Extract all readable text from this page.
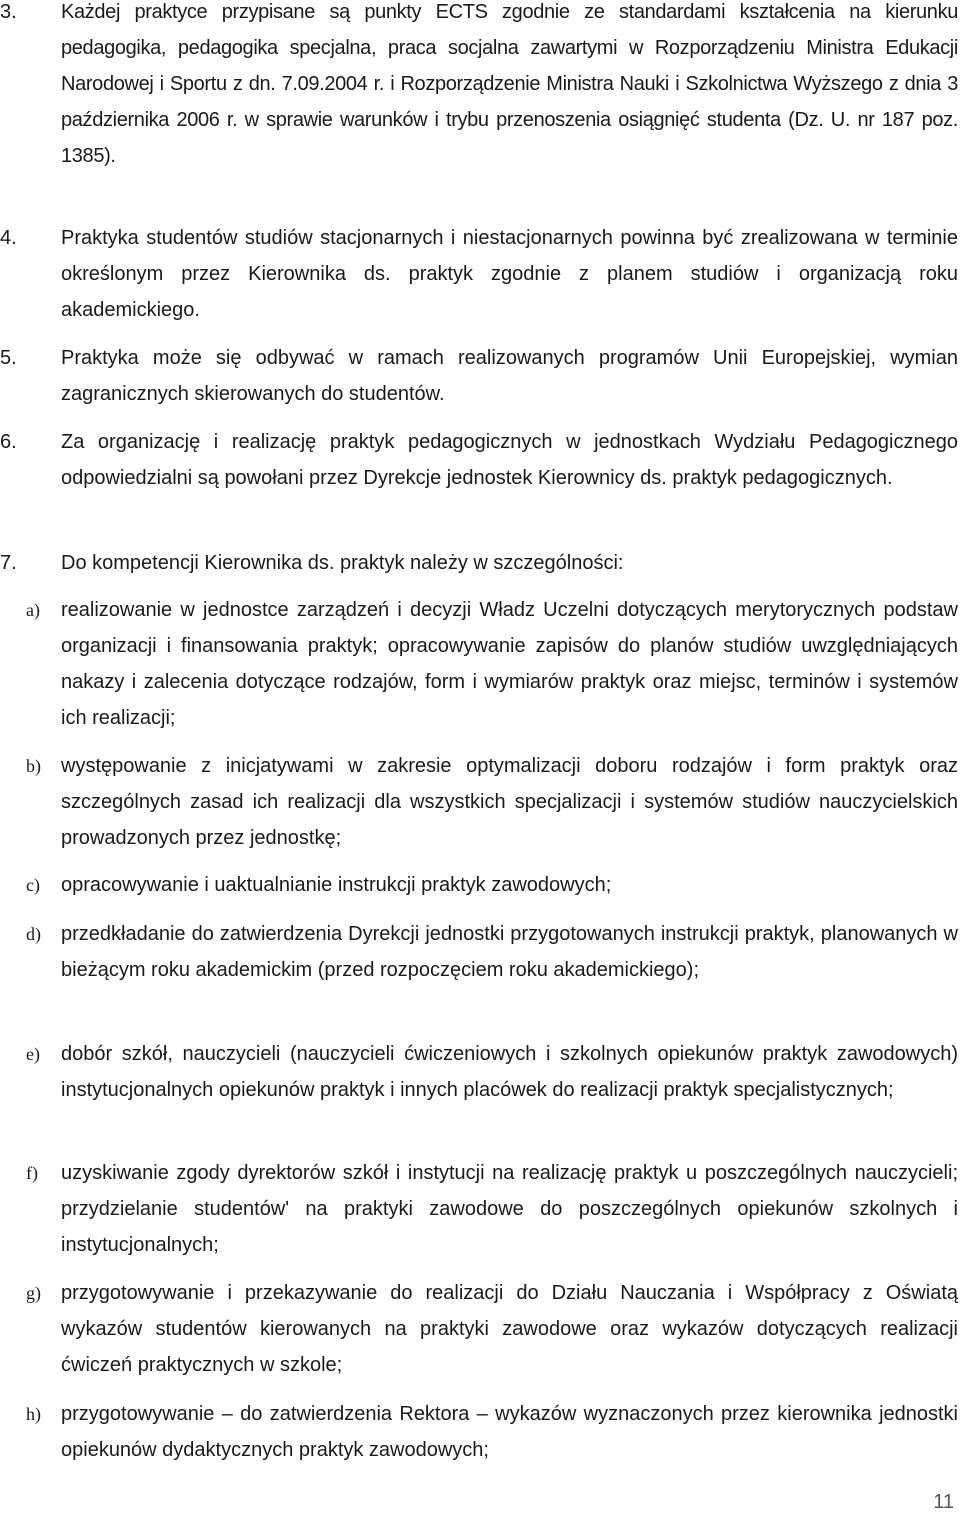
3. Każdej praktyce przypisane są punkty ECTS zgodnie ze standardami kształcenia na kierunku pedagogika, pedagogika specjalna, praca socjalna zawartymi w Rozporządzeniu Ministra Edukacji Narodowej i Sportu z dn. 7.09.2004 r. i Rozporządzenie Ministra Nauki i Szkolnictwa Wyższego z dnia 3 października 2006 r. w sprawie warunków i trybu przenoszenia osiągnięć studenta (Dz. U. nr 187 poz. 1385).
4. Praktyka studentów studiów stacjonarnych i niestacjonarnych powinna być zrealizowana w terminie określonym przez Kierownika ds. praktyk zgodnie z planem studiów i organizacją roku akademickiego.
5. Praktyka może się odbywać w ramach realizowanych programów Unii Europejskiej, wymian zagranicznych skierowanych do studentów.
6. Za organizację i realizację praktyk pedagogicznych w jednostkach Wydziału Pedagogicznego odpowiedzialni są powołani przez Dyrekcje jednostek Kierownicy ds. praktyk pedagogicznych.
7. Do kompetencji Kierownika ds. praktyk należy w szczególności:
a) realizowanie w jednostce zarządzeń i decyzji Władz Uczelni dotyczących merytorycznych podstaw organizacji i finansowania praktyk; opracowywanie zapisów do planów studiów uwzględniających nakazy i zalecenia dotyczące rodzajów, form i wymiarów praktyk oraz miejsc, terminów i systemów ich realizacji;
b) występowanie z inicjatywami w zakresie optymalizacji doboru rodzajów i form praktyk oraz szczególnych zasad ich realizacji dla wszystkich specjalizacji i systemów studiów nauczycielskich prowadzonych przez jednostkę;
c) opracowywanie i uaktualnianie instrukcji praktyk zawodowych;
d) przedkładanie do zatwierdzenia Dyrekcji jednostki przygotowanych instrukcji praktyk, planowanych w bieżącym roku akademickim (przed rozpoczęciem roku akademickiego);
e) dobór szkół, nauczycieli (nauczycieli ćwiczeniowych i szkolnych opiekunów praktyk zawodowych) instytucjonalnych opiekunów praktyk i innych placówek do realizacji praktyk specjalistycznych;
f) uzyskiwanie zgody dyrektorów szkół i instytucji na realizację praktyk u poszczególnych nauczycieli; przydzielanie studentów' na praktyki zawodowe do poszczególnych opiekunów szkolnych i instytucjonalnych;
g) przygotowywanie i przekazywanie do realizacji do Działu Nauczania i Współpracy z Oświatą wykazów studentów kierowanych na praktyki zawodowe oraz wykazów dotyczących realizacji ćwiczeń praktycznych w szkole;
h) przygotowywanie – do zatwierdzenia Rektora – wykazów wyznaczonych przez kierownika jednostki opiekunów dydaktycznych praktyk zawodowych;
11
